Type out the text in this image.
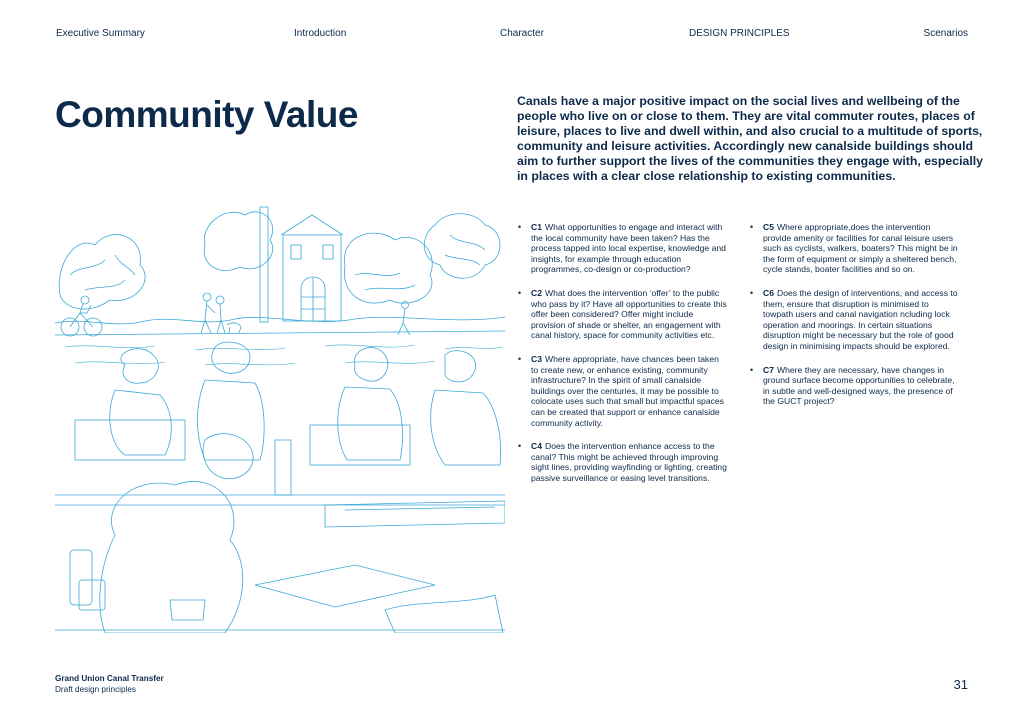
Executive Summary	Introduction	Character	DESIGN PRINCIPLES	Scenarios
Community Value	Canals have a major positive impact on the social lives and wellbeing of the people who live on or close to them. They are vital commuter routes, places of leisure, places to live and dwell within, and also crucial to a multitude of sports, community and leisure activities. Accordingly new canalside buildings should aim to further support the lives of the communities they engage with, especially in places with a clear close relationship to existing communities.

• C1 What opportunities to engage and interact with the local community have been taken? Has the process tapped into local expertise, knowledge and insights, for example through education programmes, co-design or co-production?
• C2 What does the intervention ‘offer’ to the public who pass by it? Have all opportunities to create this offer been considered? Offer might include provision of shade or shelter, an engagement with canal history, space for community activities etc.
• C3 Where appropriate, have chances been taken to create new, or enhance existing, community infrastructure? In the spirit of small canalside buildings over the centuries, it may be possible to colocate uses such that small but impactful spaces can be created that support or enhance canalside community activity.
• C4 Does the intervention enhance access to the canal? This might be achieved through improving sight lines, providing wayfinding or lighting, creating passive surveillance or easing level transitions.
• C5 Where appropriate,does the intervention provide amenity or facilities for canal leisure users such as cyclists, walkers, boaters? This might be in the form of equipment or simply a sheltered bench, cycle stands, boater facilities and so on.
• C6 Does the design of interventions, and access to them, ensure that disruption is minimised to towpath users and canal navigation ncluding lock operation and moorings. In certain situations disruption might be necessary but the role of good design in minimising impacts should be explored.
• C7 Where they are necessary, have changes in ground surface become opportunities to celebrate, in subtle and well-designed ways, the presence of the GUCT project?
Grand Union Canal Transfer
Draft design principles	31
